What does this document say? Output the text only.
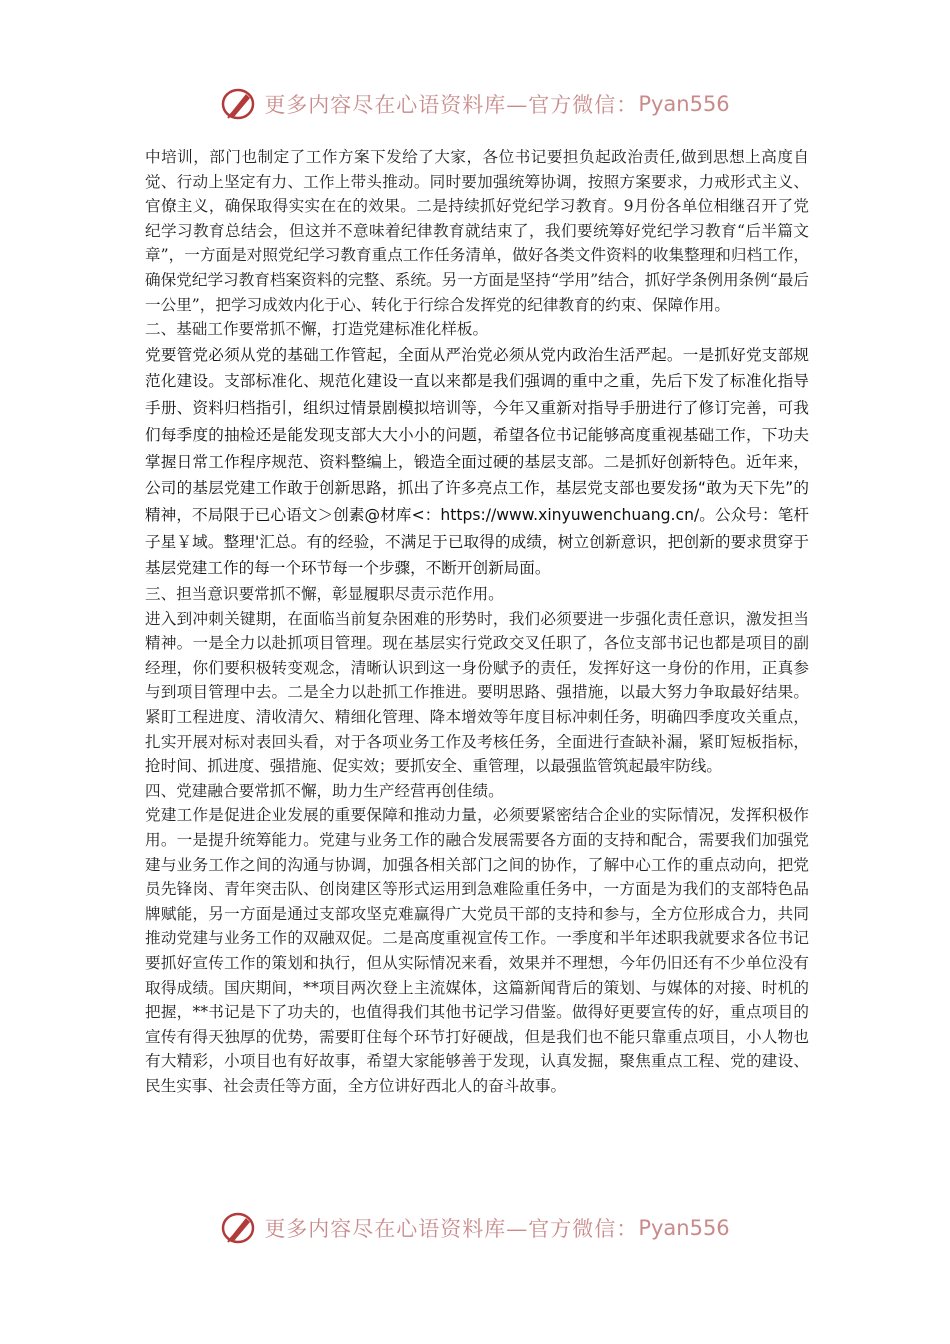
更多内容尽在心语资料库—官方微信： Pyan556

中培训，部门也制定了工作方案下发给了大家，各位书记要担负起政治责任,做到思想上高度自觉、行动上坚定有力、工作上带头推动。同时要加强统筹协调，按照方案要求，力戒形式主义、官僚主义，确保取得实实在在的效果。二是持续抓好党纪学习教育。9月份各单位相继召开了党纪学习教育总结会，但这并不意味着纪律教育就结束了，我们要统筹好党纪学习教育“后半篇文章”，一方面是对照党纪学习教育重点工作任务清单，做好各类文件资料的收集整理和归档工作，确保党纪学习教育档案资料的完整、系统。另一方面是坚持“学用”结合，抓好学条例用条例“最后一公里”，把学习成效内化于心、转化于行综合发挥党的纪律教育的约束、保障作用。

二、基础工作要常抓不懈，打造党建标准化样板。

党要管党必须从党的基础工作管起，全面从严治党必须从党内政治生活严起。一是抓好党支部规范化建设。支部标准化、规范化建设一直以来都是我们强调的重中之重，先后下发了标准化指导手册、资料归档指引，组织过情景剧模拟培训等，今年又重新对指导手册进行了修订完善，可我们每季度的抽检还是能发现支部大大小小的问题，希望各位书记能够高度重视基础工作，下功夫掌握日常工作程序规范、资料整编上，锻造全面过硬的基层支部。二是抓好创新特色。近年来，公司的基层党建工作敢于创新思路，抓出了许多亮点工作，基层党支部也要发扬“敢为天下先”的精神，不局限于已心语文＞创素@材库<：https://www.xinyuwenchuang.cn/。公众号：笔杆子星￥域。整理'汇总。有的经验，不满足于已取得的成绩，树立创新意识，把创新的要求贯穿于基层党建工作的每一个环节每一个步骤，不断开创新局面。

三、担当意识要常抓不懈，彰显履职尽责示范作用。

进入到冲刺关键期，在面临当前复杂困难的形势时，我们必须要进一步强化责任意识，激发担当精神。一是全力以赴抓项目管理。现在基层实行党政交叉任职了，各位支部书记也都是项目的副经理，你们要积极转变观念，清晰认识到这一身份赋予的责任，发挥好这一身份的作用，正真参与到项目管理中去。二是全力以赴抓工作推进。要明思路、强措施，以最大努力争取最好结果。紧盯工程进度、清收清欠、精细化管理、降本增效等年度目标冲刺任务，明确四季度攻关重点，扎实开展对标对表回头看，对于各项业务工作及考核任务，全面进行查缺补漏，紧盯短板指标，抢时间、抓进度、强措施、促实效；要抓安全、重管理，以最强监管筑起最牢防线。

四、党建融合要常抓不懈，助力生产经营再创佳绩。

党建工作是促进企业发展的重要保障和推动力量，必须要紧密结合企业的实际情况，发挥积极作用。一是提升统筹能力。党建与业务工作的融合发展需要各方面的支持和配合，需要我们加强党建与业务工作之间的沟通与协调，加强各相关部门之间的协作，了解中心工作的重点动向，把党员先锋岗、青年突击队、创岗建区等形式运用到急难险重任务中，一方面是为我们的支部特色品牌赋能，另一方面是通过支部攻坚克难赢得广大党员干部的支持和参与，全方位形成合力，共同推动党建与业务工作的双融双促。二是高度重视宣传工作。一季度和半年述职我就要求各位书记要抓好宣传工作的策划和执行，但从实际情况来看，效果并不理想，今年仍旧还有不少单位没有取得成绩。国庆期间，**项目两次登上主流媒体，这篇新闻背后的策划、与媒体的对接、时机的把握，**书记是下了功夫的，也值得我们其他书记学习借鉴。做得好更要宣传的好，重点项目的宣传有得天独厚的优势，需要盯住每个环节打好硬战，但是我们也不能只靠重点项目，小人物也有大精彩，小项目也有好故事，希望大家能够善于发现，认真发掘，聚焦重点工程、党的建设、民生实事、社会责任等方面，全方位讲好西北人的奋斗故事。

更多内容尽在心语资料库—官方微信： Pyan556
